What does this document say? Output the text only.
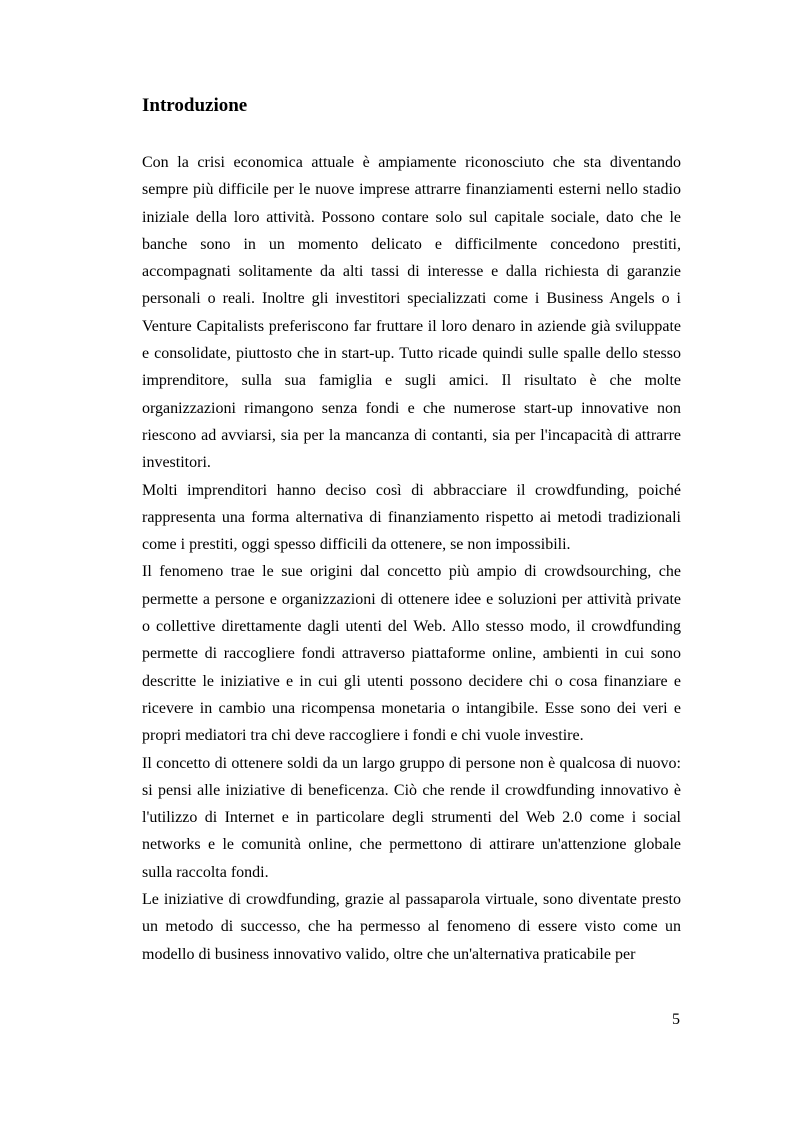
Introduzione

Con la crisi economica attuale è ampiamente riconosciuto che sta diventando sempre più difficile per le nuove imprese attrarre finanziamenti esterni nello stadio iniziale della loro attività. Possono contare solo sul capitale sociale, dato che le banche sono in un momento delicato e difficilmente concedono prestiti, accompagnati solitamente da alti tassi di interesse e dalla richiesta di garanzie personali o reali. Inoltre gli investitori specializzati come i Business Angels o i Venture Capitalists preferiscono far fruttare il loro denaro in aziende già sviluppate e consolidate, piuttosto che in start-up. Tutto ricade quindi sulle spalle dello stesso imprenditore, sulla sua famiglia e sugli amici. Il risultato è che molte organizzazioni rimangono senza fondi e che numerose start-up innovative non riescono ad avviarsi, sia per la mancanza di contanti, sia per l'incapacità di attrarre investitori.

Molti imprenditori hanno deciso così di abbracciare il crowdfunding, poiché rappresenta una forma alternativa di finanziamento rispetto ai metodi tradizionali come i prestiti, oggi spesso difficili da ottenere, se non impossibili.

Il fenomeno trae le sue origini dal concetto più ampio di crowdsourching, che permette a persone e organizzazioni di ottenere idee e soluzioni per attività private o collettive direttamente dagli utenti del Web. Allo stesso modo, il crowdfunding permette di raccogliere fondi attraverso piattaforme online, ambienti in cui sono descritte le iniziative e in cui gli utenti possono decidere chi o cosa finanziare e ricevere in cambio una ricompensa monetaria o intangibile. Esse sono dei veri e propri mediatori tra chi deve raccogliere i fondi e chi vuole investire.

Il concetto di ottenere soldi da un largo gruppo di persone non è qualcosa di nuovo: si pensi alle iniziative di beneficenza. Ciò che rende il crowdfunding innovativo è l'utilizzo di Internet e in particolare degli strumenti del Web 2.0 come i social networks e le comunità online, che permettono di attirare un'attenzione globale sulla raccolta fondi.

Le iniziative di crowdfunding, grazie al passaparola virtuale, sono diventate presto un metodo di successo, che ha permesso al fenomeno di essere visto come un modello di business innovativo valido, oltre che un'alternativa praticabile per

5
